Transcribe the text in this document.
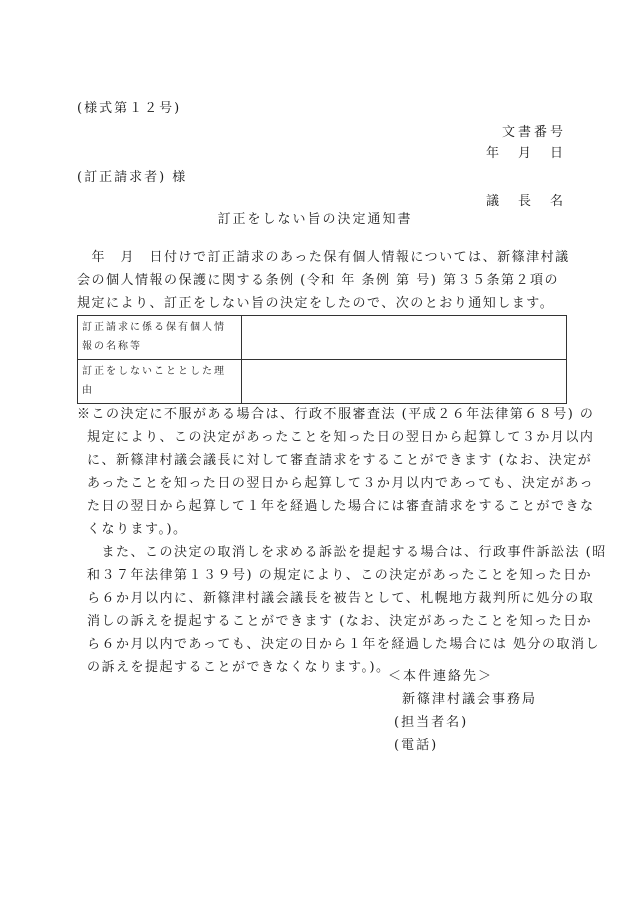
(様式第１２号)
文書番号
年　月　日
(訂正請求者) 様
議　長　名
訂正をしない旨の決定通知書
　年　月　日付けで訂正請求のあった保有個人情報については、新篠津村議
会の個人情報の保護に関する条例 (令和 年 条例 第 号) 第３５条第２項の
規定により、訂正をしない旨の決定をしたので、次のとおり通知します。
訂正請求に係る保有個人情報の名称等	
訂正をしないこととした理由	
※この決定に不服がある場合は、行政不服審査法 (平成２６年法律第６８号) の
規定により、この決定があったことを知った日の翌日から起算して３か月以内
に、新篠津村議会議長に対して審査請求をすることができます (なお、決定が
あったことを知った日の翌日から起算して３か月以内であっても、決定があっ
た日の翌日から起算して１年を経過した場合には審査請求をすることができな
くなります。)。
　また、この決定の取消しを求める訴訟を提起する場合は、行政事件訴訟法 (昭
和３７年法律第１３９号) の規定により、この決定があったことを知った日か
ら６か月以内に、新篠津村議会議長を被告として、札幌地方裁判所に処分の取
消しの訴えを提起することができます (なお、決定があったことを知った日か
ら６か月以内であっても、決定の日から１年を経過した場合には 処分の取消し
の訴えを提起することができなくなります。)。
＜本件連絡先＞
新篠津村議会事務局
(担当者名)
(電話)
